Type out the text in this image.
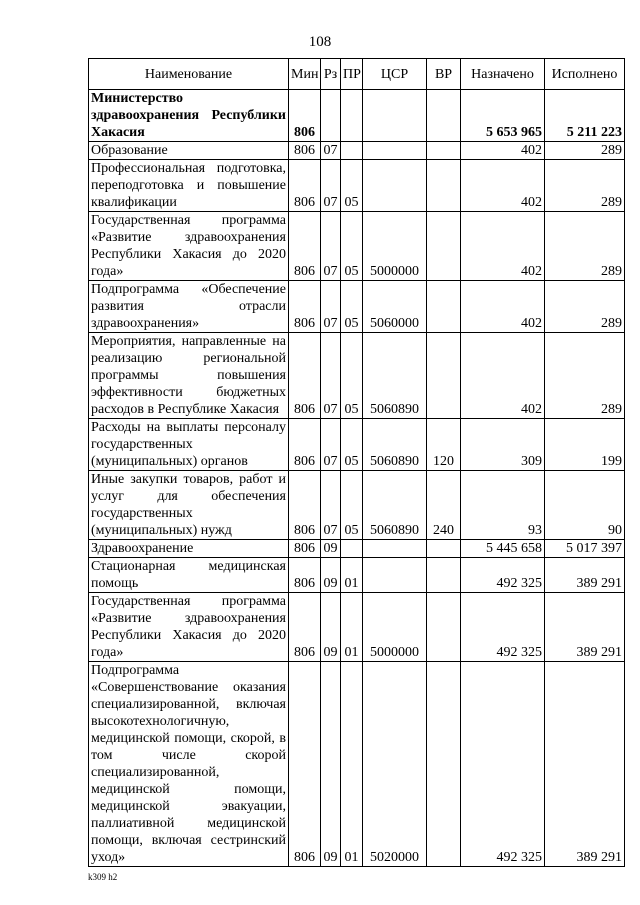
108
Наименование	Мин	Рз	ПР	ЦСР	ВР	Назначено	Исполнено
Министерство здравоохранения Республики Хакасия	806					5 653 965	5 211 223
Образование	806	07				402	289
Профессиональная подготовка, переподготовка и повышение квалификации	806	07	05			402	289
Государственная программа «Развитие здравоохранения Республики Хакасия до 2020 года»	806	07	05	5000000		402	289
Подпрограмма «Обеспечение развития отрасли здравоохранения»	806	07	05	5060000		402	289
Мероприятия, направленные на реализацию региональной программы повышения эффективности бюджетных расходов в Республике Хакасия	806	07	05	5060890		402	289
Расходы на выплаты персоналу государственных (муниципальных) органов	806	07	05	5060890	120	309	199
Иные закупки товаров, работ и услуг для обеспечения государственных (муниципальных) нужд	806	07	05	5060890	240	93	90
Здравоохранение	806	09				5 445 658	5 017 397
Стационарная медицинская помощь	806	09	01			492 325	389 291
Государственная программа «Развитие здравоохранения Республики Хакасия до 2020 года»	806	09	01	5000000		492 325	389 291
Подпрограмма «Совершенствование оказания специализированной, включая высокотехнологичную, медицинской помощи, скорой, в том числе скорой специализированной, медицинской помощи, медицинской эвакуации, паллиативной медицинской помощи, включая сестринский уход»	806	09	01	5020000		492 325	389 291
k309 h2
